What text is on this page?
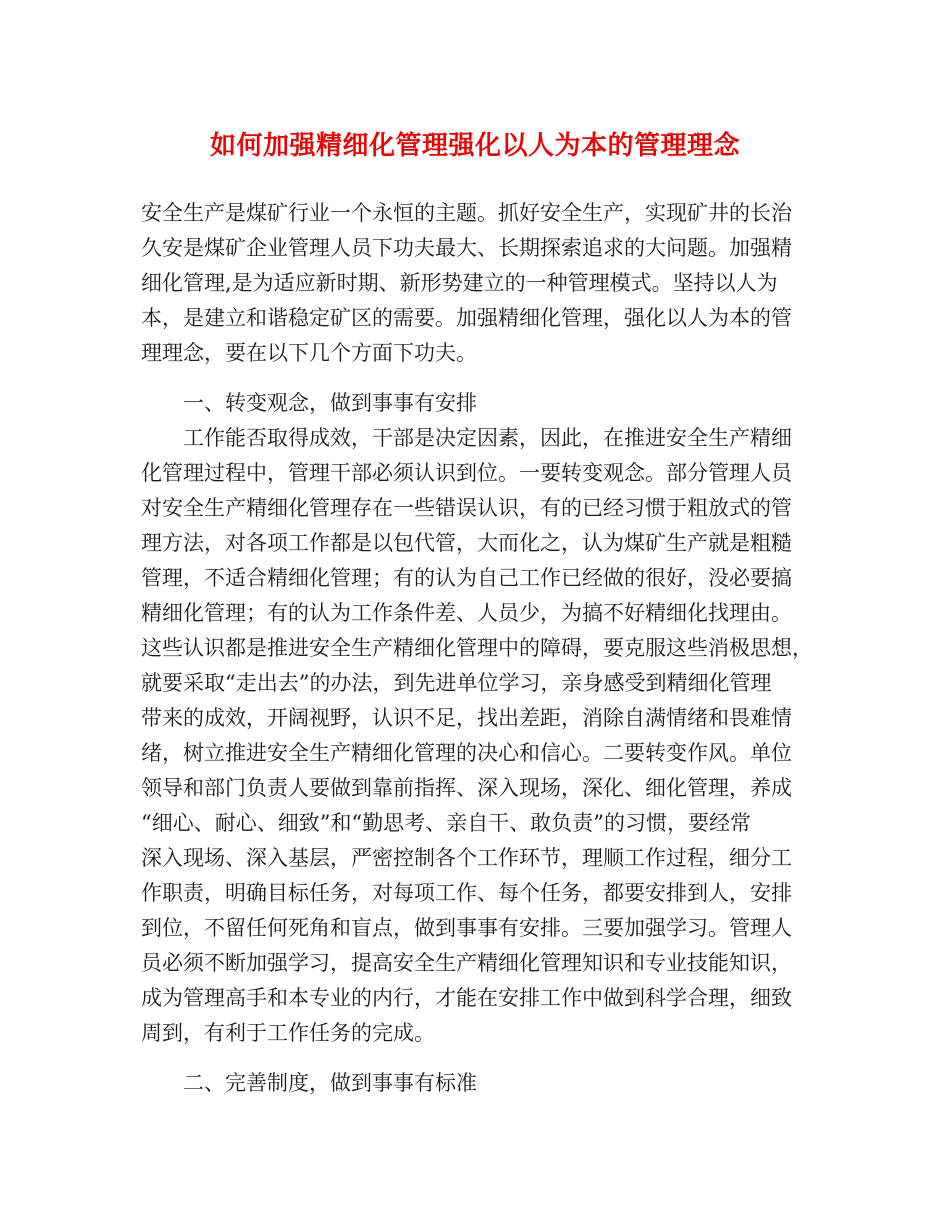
如何加强精细化管理强化以人为本的管理理念
安全生产是煤矿行业一个永恒的主题。抓好安全生产，实现矿井的长治
久安是煤矿企业管理人员下功夫最大、长期探索追求的大问题。加强精
细化管理,是为适应新时期、新形势建立的一种管理模式。坚持以人为
本，是建立和谐稳定矿区的需要。加强精细化管理，强化以人为本的管
理理念，要在以下几个方面下功夫。
一、转变观念，做到事事有安排
工作能否取得成效，干部是决定因素，因此，在推进安全生产精细
化管理过程中，管理干部必须认识到位。一要转变观念。部分管理人员
对安全生产精细化管理存在一些错误认识，有的已经习惯于粗放式的管
理方法，对各项工作都是以包代管，大而化之，认为煤矿生产就是粗糙
管理，不适合精细化管理；有的认为自己工作已经做的很好，没必要搞
精细化管理；有的认为工作条件差、人员少，为搞不好精细化找理由。
这些认识都是推进安全生产精细化管理中的障碍，要克服这些消极思想，
就要采取“走出去”的办法，到先进单位学习，亲身感受到精细化管理
带来的成效，开阔视野，认识不足，找出差距，消除自满情绪和畏难情
绪，树立推进安全生产精细化管理的决心和信心。二要转变作风。单位
领导和部门负责人要做到靠前指挥、深入现场，深化、细化管理，养成
“细心、耐心、细致”和“勤思考、亲自干、敢负责”的习惯，要经常
深入现场、深入基层，严密控制各个工作环节，理顺工作过程，细分工
作职责，明确目标任务，对每项工作、每个任务，都要安排到人，安排
到位，不留任何死角和盲点，做到事事有安排。三要加强学习。管理人
员必须不断加强学习，提高安全生产精细化管理知识和专业技能知识，
成为管理高手和本专业的内行，才能在安排工作中做到科学合理，细致
周到，有利于工作任务的完成。
二、完善制度，做到事事有标准
